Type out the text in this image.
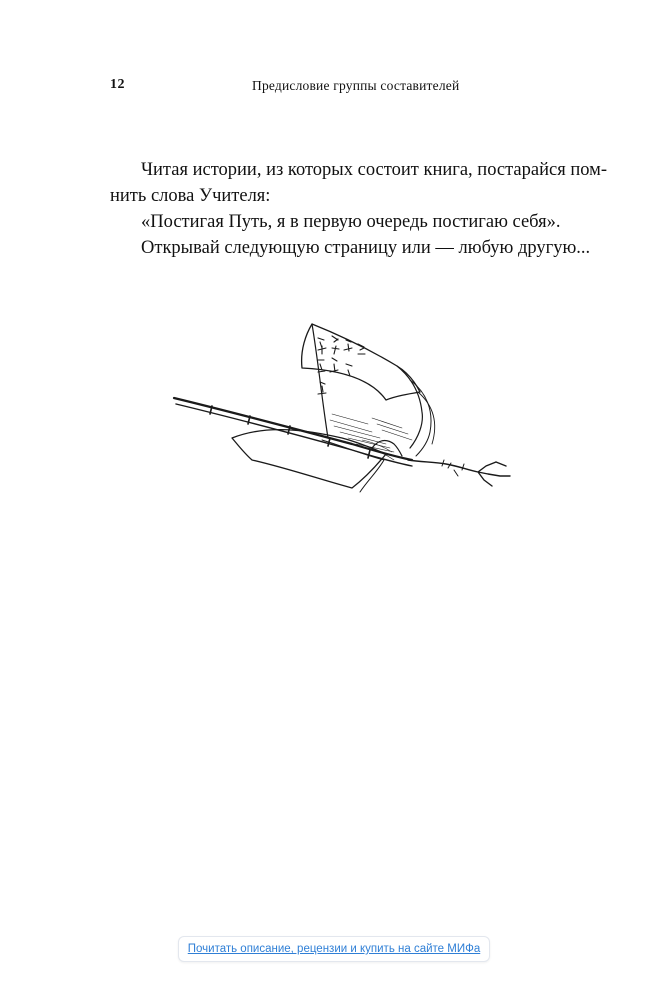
12	Предисловие группы составителей

Читая истории, из которых состоит книга, постарайся пом-

нить слова Учителя:

«Постигая Путь, я в первую очередь постигаю себя».

Открывай следующую страницу или — любую другую...

Почитать описание, рецензии и купить на сайте МИФа
